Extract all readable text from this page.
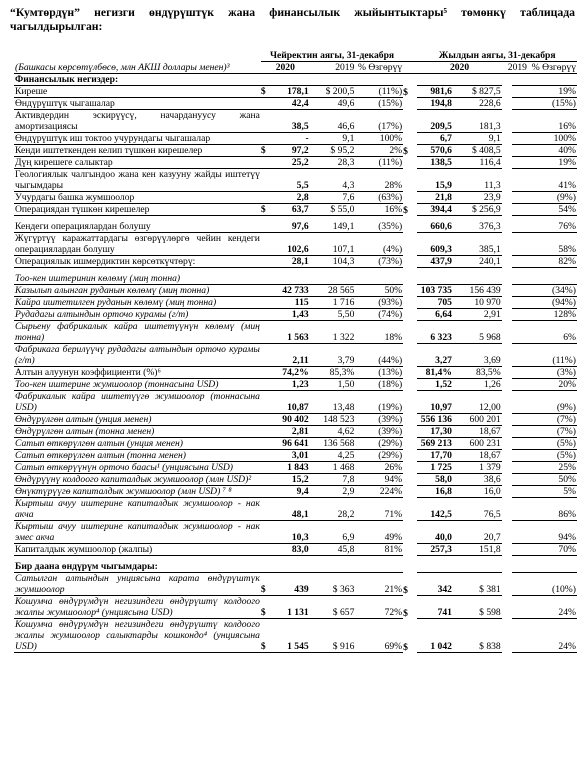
“Кумтөрдүн” негизги өндүрүштүк жана финансылык жыйынтыктары⁵ төмөнкү таблицада чагылдырылган:
(Башкасы көрсөтүлбөсө, млн АКШ доллары менен)³	Чейректин аягы, 31-декабря					Жылдын аягы, 31-декабря			
	2020		2019	% Өзгөрүү		2020		2019 % Өзгөрүү	
Финансылык негиздер:									
Киреше	$	178,1	$ 200,5	(11%)	$	981,6	$ 827,5		19%
Өндүрүштүк чыгашалар		42,4	49,6	(15%)		194,8	228,6		(15%)
Активдердин эскирүүсү, начардануусу жана амортизациясы		38,5	46,6	(17%)		209,5	181,3		16%
Өндүрүштүк иш токтоо учурундагы чыгашалар		-	9,1	100%		6,7	9,1		100%
Кенди иштеткенден келип түшкөн кирешелер	$	97,2	$ 95,2	2%	$	570,6	$ 408,5		40%
Дүң кирешеге салыктар		25,2	28,3	(11%)		138,5	116,4		19%
Геологиялык чалгындоо жана кен казууну жайды иштетүү чыгымдары		5,5	4,3	28%		15,9	11,3		41%
Учурдагы башка жумшоолор		2,8	7,6	(63%)		21,8	23,9		(9%)
Операциядан түшкөн кирешелер	$	63,7	$ 55,0	16%	$	394,4	$ 256,9		54%

Кендеги операциялардан болушу		97,6	149,1	(35%)		660,6	376,3		76%
Жүгүртүү каражаттардагы өзгөрүүлөргө чейин кендеги операциялардан болушу		102,6	107,1	(4%)		609,3	385,1		58%
Операциялык ишмердиктин көрсөткүчтөрү:		28,1	104,3	(73%)		437,9	240,1		82%

Тоо-кен иштеринин көлөмү (миң тонна)									
Казылып алынган руданын көлөмү (миң тонна)		42 733	28 565	50%		103 735	156 439		(34%)
Кайра иштетилген руданын көлөмү (миң тонна)		115	1 716	(93%)		705	10 970		(94%)
Рудадагы алтындын орточо курамы (г/т)		1,43	5,50	(74%)		6,64	2,91		128%
Сырьену фабрикалык кайра иштетүүнүн көлөмү (миң тонна)		1 563	1 322	18%		6 323	5 968		6%
Фабрикага берилүүчү рудадагы алтындын орточо курамы (г/т)		2,11	3,79	(44%)		3,27	3,69		(11%)
Алтын алуунун коэффициенти (%)⁶		74,2%	85,3%	(13%)		81,4%	83,5%		(3%)
Тоо-кен иштерине жумшоолор (тоннасына USD)		1,23	1,50	(18%)		1,52	1,26		20%
Фабрикалык кайра иштетүүгө жумшоолор (тоннасына USD)		10,87	13,48	(19%)		10,97	12,00		(9%)
Өндүрүлгөн алтын (унция менен)		90 402	148 523	(39%)		556 136	600 201		(7%)
Өндүрүлгөн алтын (тонна менен)		2,81	4,62	(39%)		17,30	18,67		(7%)
Сатып өткөрүлгөн алтын (унция менен)		96 641	136 568	(29%)		569 213	600 231		(5%)
Сатып өткөрүлгөн алтын (тонна менен)		3,01	4,25	(29%)		17,70	18,67		(5%)
Сатып өткөрүүнүн орточо баасы¹ (унциясына USD)		1 843	1 468	26%		1 725	1 379		25%
Өндүрүүнү колдоого капиталдык жумшоолор (млн USD)²		15,2	7,8	94%		58,0	38,6		50%
Өнүктүрүүгө капиталдык жумшоолор (млн USD) ⁷ ⁸		9,4	2,9	224%		16,8	16,0		5%
Кыртыш ачуу иштерине капиталдык жумшоолор - нак акча		48,1	28,2	71%		142,5	76,5		86%
Кыртыш ачуу иштерине капиталдык жумшоолор - нак эмес акча		10,3	6,9	49%		40,0	20,7		94%
Капиталдык жумшоолор (жалпы)		83,0	45,8	81%		257,3	151,8		70%

Бир даана өндүрүм чыгымдары:									
Сатылган алтындын унциясына карата өндүрүштүк жумшоолор	$	439	$ 363	21%	$	342	$ 381		(10%)
Кошумча өндүрүмдүн негизиндеги өндүрүштү колдоого жалпы жумшоолор⁴ (унциясына USD)	$	1 131	$ 657	72%	$	741	$ 598		24%
Кошумча өндүрүмдүн негизиндеги өндүрүштү колдоого жалпы жумшоолор салыктарды кошкондо⁴ (унциясына USD)	$	1 545	$ 916	69%	$	1 042	$ 838		24%
